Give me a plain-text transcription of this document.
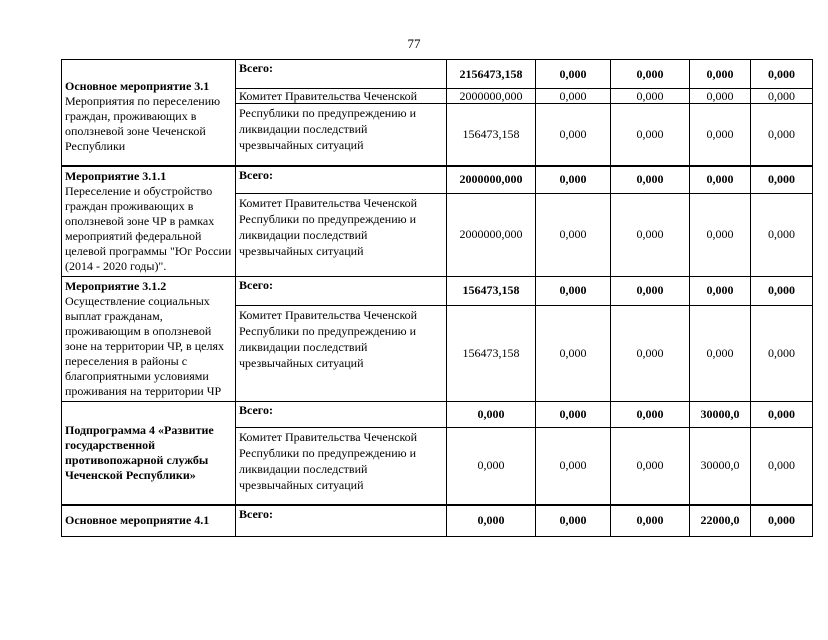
77
Основное мероприятие 3.1
Мероприятия по переселению граждан, проживающих в оползневой зоне Чеченской Республики	Всего:	2156473,158	0,000	0,000	0,000	0,000
	Комитет Правительства Чеченской	2000000,000	0,000	0,000	0,000	0,000
	Республики по предупреждению и ликвидации последствий чрезвычайных ситуаций	156473,158	0,000	0,000	0,000	0,000
Мероприятие 3.1.1
Переселение и обустройство граждан проживающих в оползневой зоне ЧР в рамках мероприятий федеральной целевой программы "Юг России (2014 - 2020 годы)".	Всего:	2000000,000	0,000	0,000	0,000	0,000
	Комитет Правительства Чеченской Республики по предупреждению и ликвидации последствий чрезвычайных ситуаций	2000000,000	0,000	0,000	0,000	0,000
Мероприятие 3.1.2
Осуществление социальных выплат гражданам, проживающим в оползневой зоне на территории ЧР, в целях переселения в районы с благоприятными условиями проживания на территории ЧР	Всего:	156473,158	0,000	0,000	0,000	0,000
	Комитет Правительства Чеченской Республики по предупреждению и ликвидации последствий чрезвычайных ситуаций	156473,158	0,000	0,000	0,000	0,000
Подпрограмма 4 «Развитие государственной противопожарной службы Чеченской Республики»	Всего:	0,000	0,000	0,000	30000,0	0,000
	Комитет Правительства Чеченской Республики по предупреждению и ликвидации последствий чрезвычайных ситуаций	0,000	0,000	0,000	30000,0	0,000
Основное мероприятие 4.1	Всего:	0,000	0,000	0,000	22000,0	0,000
